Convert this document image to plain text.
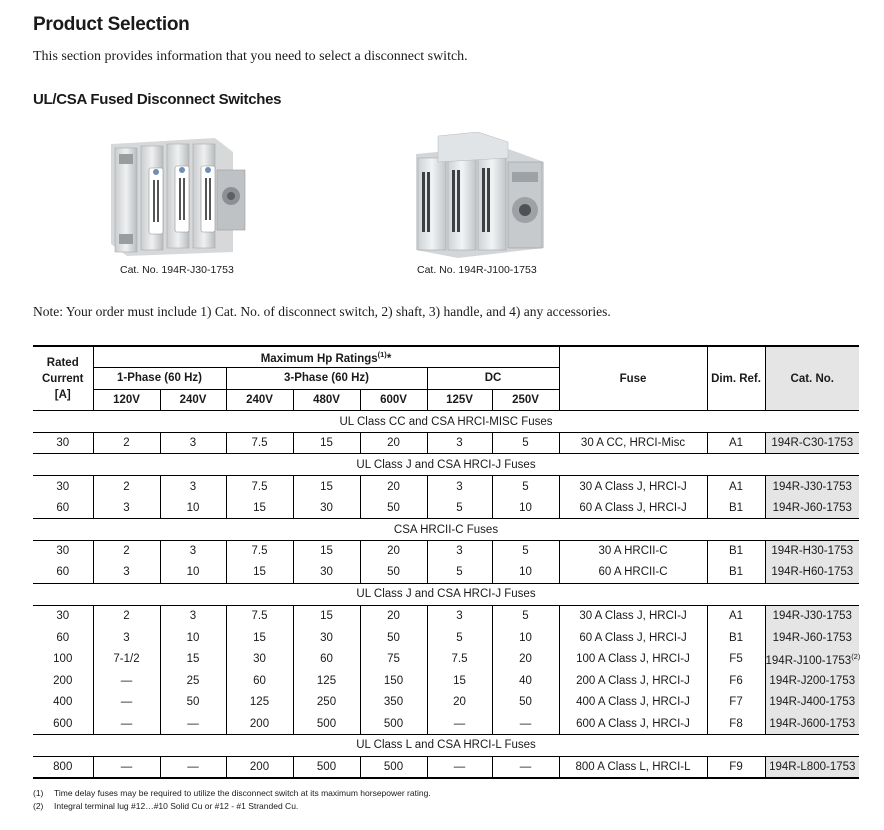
Product Selection
This section provides information that you need to select a disconnect switch.
UL/CSA Fused Disconnect Switches
Cat. No. 194R-J30-1753	Cat. No. 194R-J100-1753
Note: Your order must include 1) Cat. No. of disconnect switch, 2) shaft, 3) handle, and 4) any accessories.
Rated Current [A]	Maximum Hp Ratings$^{(1)}$*							Fuse	Dim. Ref.	Cat. No.
	1-Phase (60 Hz)		3-Phase (60 Hz)			DC				
	120V	240V	240V	480V	600V	125V	250V			
UL Class CC and CSA HRCI-MISC Fuses										
30	2	3	7.5	15	20	3	5	30 A CC, HRCI-Misc	A1	194R-C30-1753
UL Class J and CSA HRCI-J Fuses										
30	2	3	7.5	15	20	3	5	30 A Class J, HRCI-J	A1	194R-J30-1753
60	3	10	15	30	50	5	10	60 A Class J, HRCI-J	B1	194R-J60-1753
CSA HRCII-C Fuses										
30	2	3	7.5	15	20	3	5	30 A HRCII-C	B1	194R-H30-1753
60	3	10	15	30	50	5	10	60 A HRCII-C	B1	194R-H60-1753
UL Class J and CSA HRCI-J Fuses										
30	2	3	7.5	15	20	3	5	30 A Class J, HRCI-J	A1	194R-J30-1753
60	3	10	15	30	50	5	10	60 A Class J, HRCI-J	B1	194R-J60-1753
100	7-1/2	15	30	60	75	7.5	20	100 A Class J, HRCI-J	F5	194R-J100-1753$^{(2)}$
200	—	25	60	125	150	15	40	200 A Class J, HRCI-J	F6	194R-J200-1753
400	—	50	125	250	350	20	50	400 A Class J, HRCI-J	F7	194R-J400-1753
600	—	—	200	500	500	—	—	600 A Class J, HRCI-J	F8	194R-J600-1753
UL Class L and CSA HRCI-L Fuses										
800	—	—	200	500	500	—	—	800 A Class L, HRCI-L	F9	194R-L800-1753
(1) Time delay fuses may be required to utilize the disconnect switch at its maximum horsepower rating.
(2) Integral terminal lug #12…#10 Solid Cu or #12 - #1 Stranded Cu.
